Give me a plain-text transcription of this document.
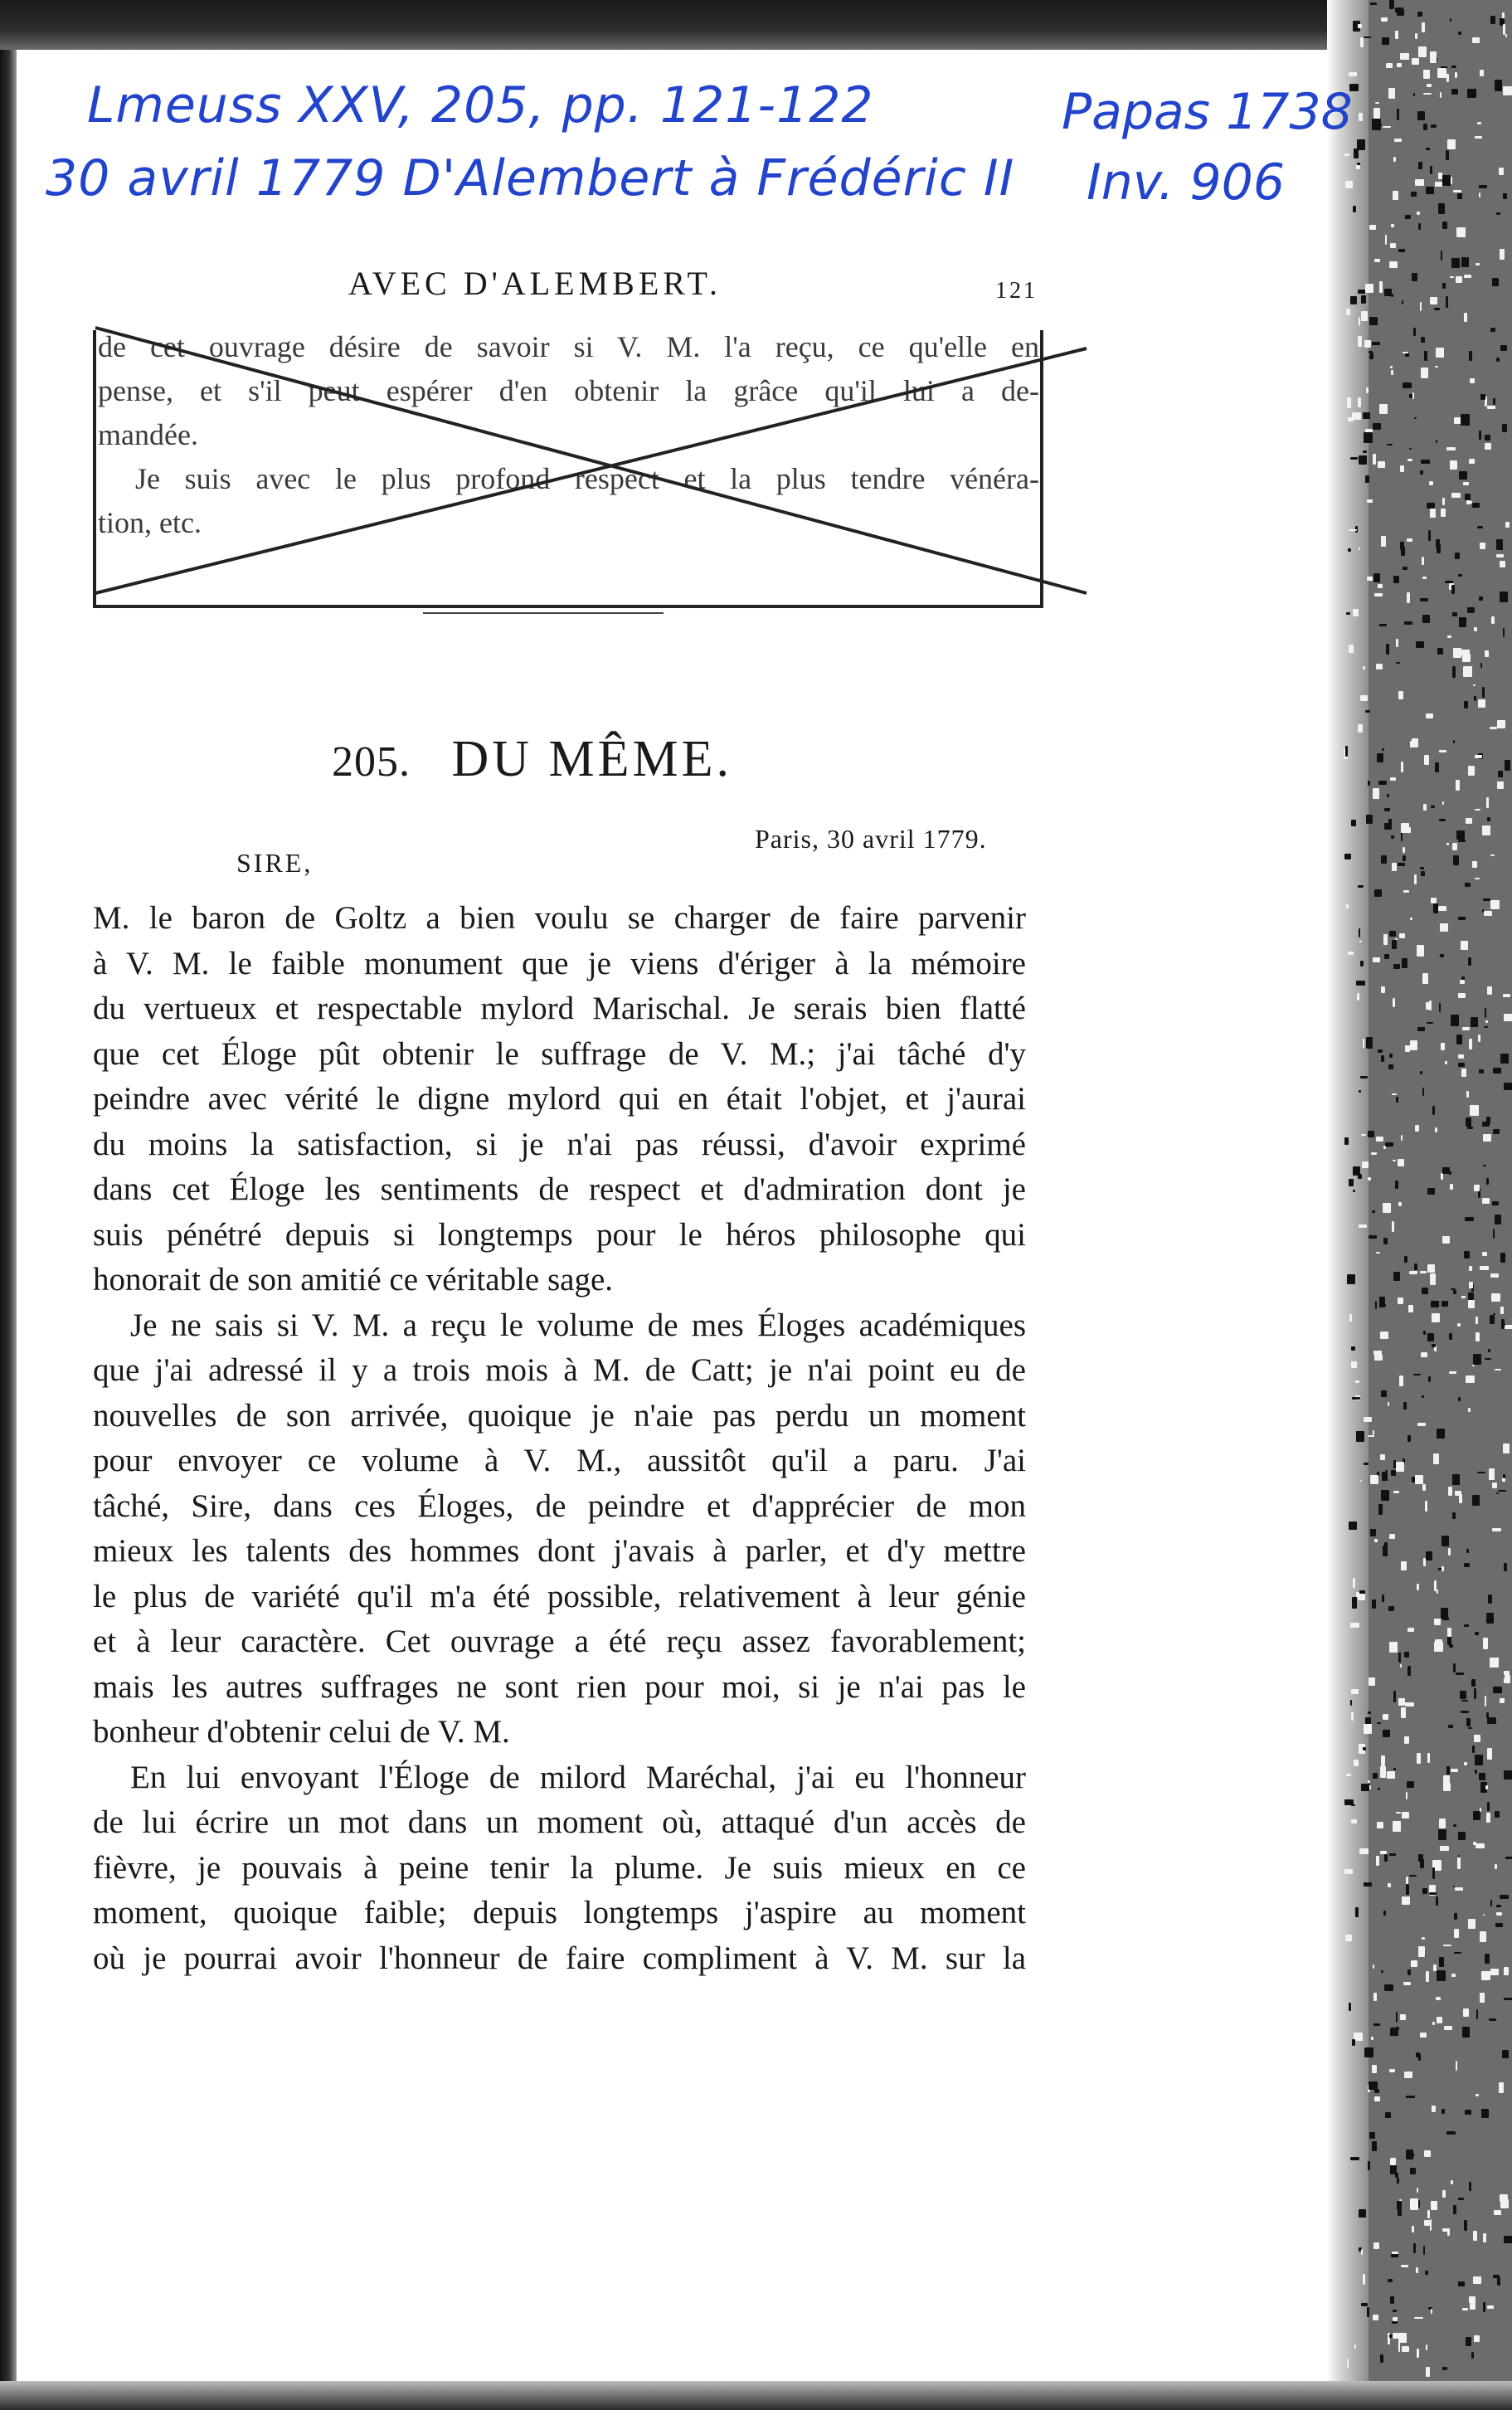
Lmeuss XXV, 205, pp. 121-122
30 avril 1779 D'Alembert à Frédéric II
Papas 1738
Inv. 906
AVEC D'ALEMBERT.	121
de cet ouvrage désire de savoir si V. M. l'a reçu, ce qu'elle en
pense, et s'il peut espérer d'en obtenir la grâce qu'il lui a de-
mandée.
Je suis avec le plus profond respect et la plus tendre vénéra-
tion, etc.
205. DU MÊME.
Paris, 30 avril 1779.
SIRE,
M. le baron de Goltz a bien voulu se charger de faire parvenir
à V. M. le faible monument que je viens d'ériger à la mémoire
du vertueux et respectable mylord Marischal. Je serais bien flatté
que cet Éloge pût obtenir le suffrage de V. M.; j'ai tâché d'y
peindre avec vérité le digne mylord qui en était l'objet, et j'aurai
du moins la satisfaction, si je n'ai pas réussi, d'avoir exprimé
dans cet Éloge les sentiments de respect et d'admiration dont je
suis pénétré depuis si longtemps pour le héros philosophe qui
honorait de son amitié ce véritable sage.
Je ne sais si V. M. a reçu le volume de mes Éloges académiques
que j'ai adressé il y a trois mois à M. de Catt; je n'ai point eu de
nouvelles de son arrivée, quoique je n'aie pas perdu un moment
pour envoyer ce volume à V. M., aussitôt qu'il a paru. J'ai
tâché, Sire, dans ces Éloges, de peindre et d'apprécier de mon
mieux les talents des hommes dont j'avais à parler, et d'y mettre
le plus de variété qu'il m'a été possible, relativement à leur génie
et à leur caractère. Cet ouvrage a été reçu assez favorablement;
mais les autres suffrages ne sont rien pour moi, si je n'ai pas le
bonheur d'obtenir celui de V. M.
En lui envoyant l'Éloge de milord Maréchal, j'ai eu l'honneur
de lui écrire un mot dans un moment où, attaqué d'un accès de
fièvre, je pouvais à peine tenir la plume. Je suis mieux en ce
moment, quoique faible; depuis longtemps j'aspire au moment
où je pourrai avoir l'honneur de faire compliment à V. M. sur la
